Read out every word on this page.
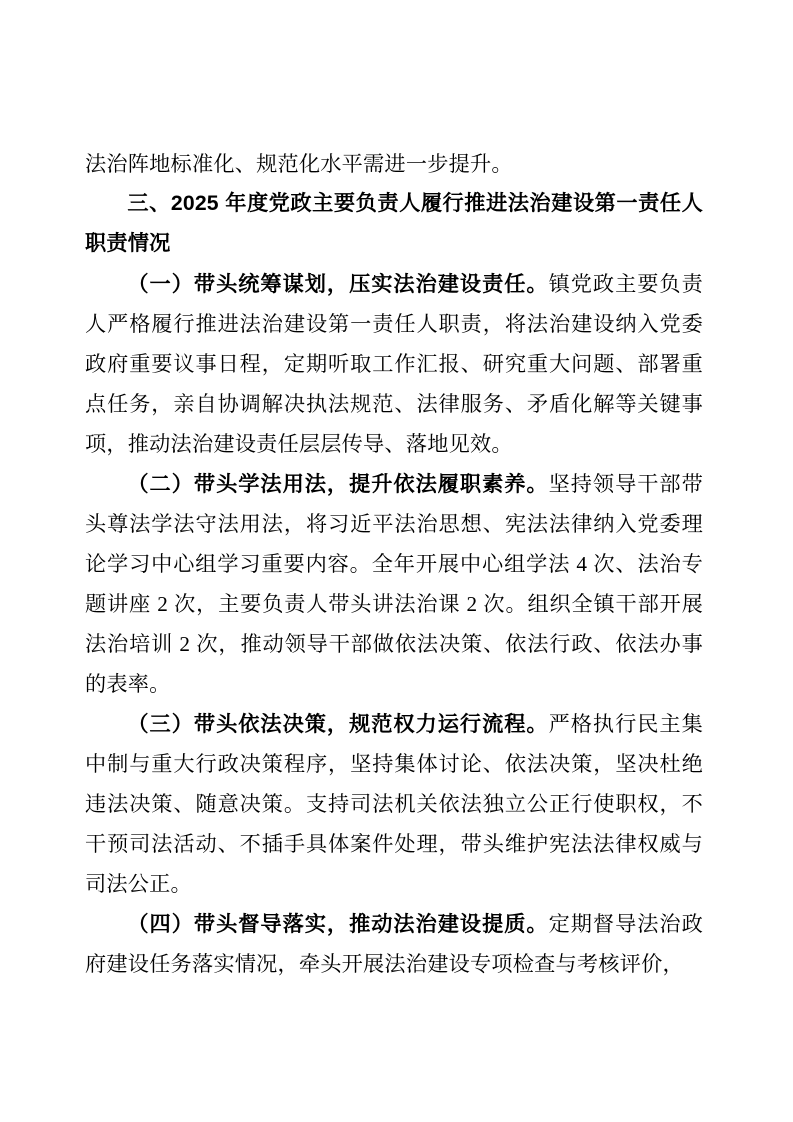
法治阵地标准化、规范化水平需进一步提升。

三、2025 年度党政主要负责人履行推进法治建设第一责任人职责情况

（一）带头统筹谋划，压实法治建设责任。镇党政主要负责人严格履行推进法治建设第一责任人职责，将法治建设纳入党委政府重要议事日程，定期听取工作汇报、研究重大问题、部署重点任务，亲自协调解决执法规范、法律服务、矛盾化解等关键事项，推动法治建设责任层层传导、落地见效。

（二）带头学法用法，提升依法履职素养。坚持领导干部带头尊法学法守法用法，将习近平法治思想、宪法法律纳入党委理论学习中心组学习重要内容。全年开展中心组学法 4 次、法治专题讲座 2 次，主要负责人带头讲法治课 2 次。组织全镇干部开展法治培训 2 次，推动领导干部做依法决策、依法行政、依法办事的表率。

（三）带头依法决策，规范权力运行流程。严格执行民主集中制与重大行政决策程序，坚持集体讨论、依法决策，坚决杜绝违法决策、随意决策。支持司法机关依法独立公正行使职权，不干预司法活动、不插手具体案件处理，带头维护宪法法律权威与司法公正。

（四）带头督导落实，推动法治建设提质。定期督导法治政府建设任务落实情况，牵头开展法治建设专项检查与考核评价，
